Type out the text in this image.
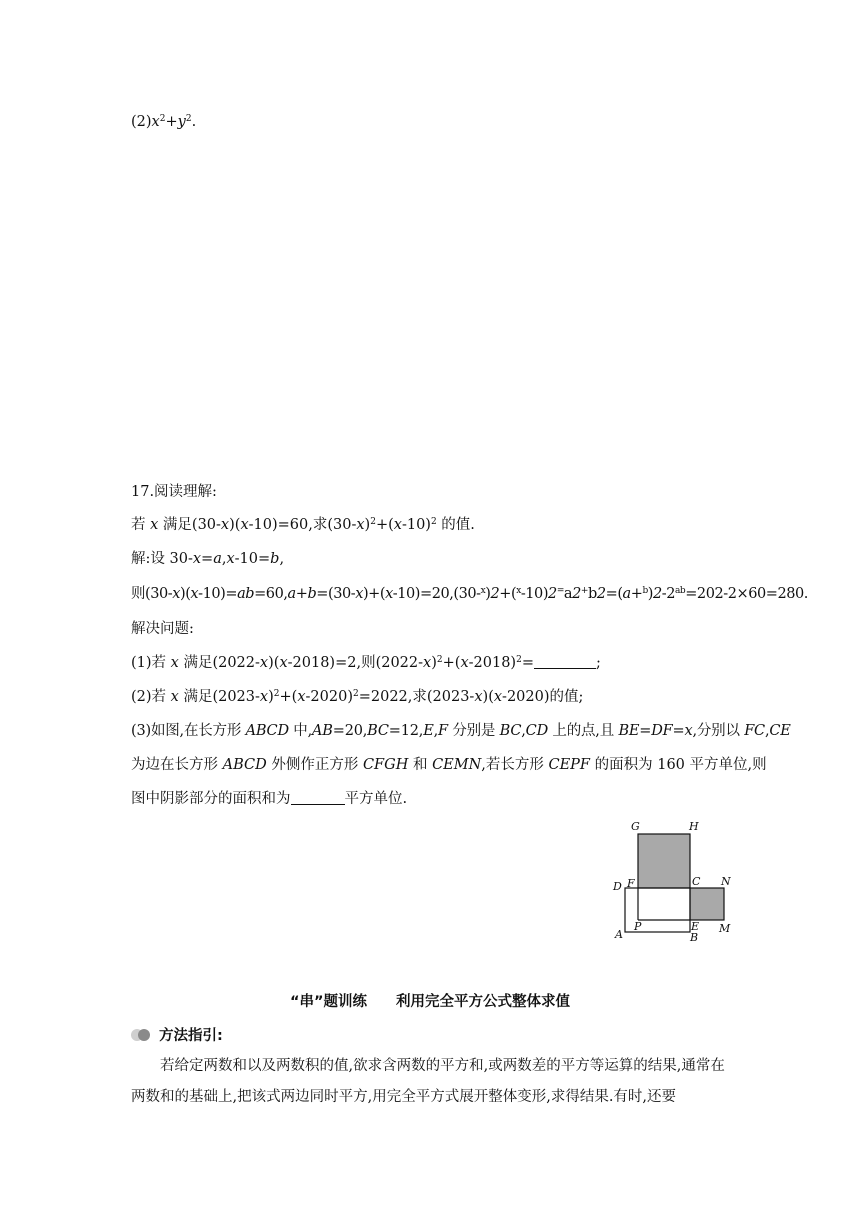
$(2)x^2+y^2$.
17.阅读理解:
若 x 满足(30-x)(x-10)=60,求$(30-x)^2+(x-10)^2$ 的值.
解:设 30-x=a,x-10=b,
则$(30-x)(x-10)=ab=60,a+b=(30-x)+(x-10)=20,(30-^x)2+(^x-10)2^=a2^+b2=(a+^b)2-2^{ab}=202-2\times 60=280$.
解决问题:
(1)若 x 满足(2022-x)(x-2018)=2,则$(2022-x)^2+(x-2018)^2=$	;
(2)若 x 满足$(2023-x)^2+(x-2020)^2=2022$,求(2023-x)(x-2020)的值;
(3)如图,在长方形 ABCD 中,AB=20,BC=12,E,F 分别是 BC,CD 上的点,且 BE=DF=x,分别以 FC,CE
为边在长方形 ABCD 外侧作正方形 CFGH 和 CEMN,若长方形 CEPF 的面积为 160 平方单位,则
图中阴影部分的面积和为	平方单位.
G	H
D F	C N
P	E M
A	B
“串”题训练　　利用完全平方公式整体求值
方法指引:
若给定两数和以及两数积的值,欲求含两数的平方和,或两数差的平方等运算的结果,通常在两数和的基础上,把该式两边同时平方,用完全平方式展开整体变形,求得结果.有时,还要
